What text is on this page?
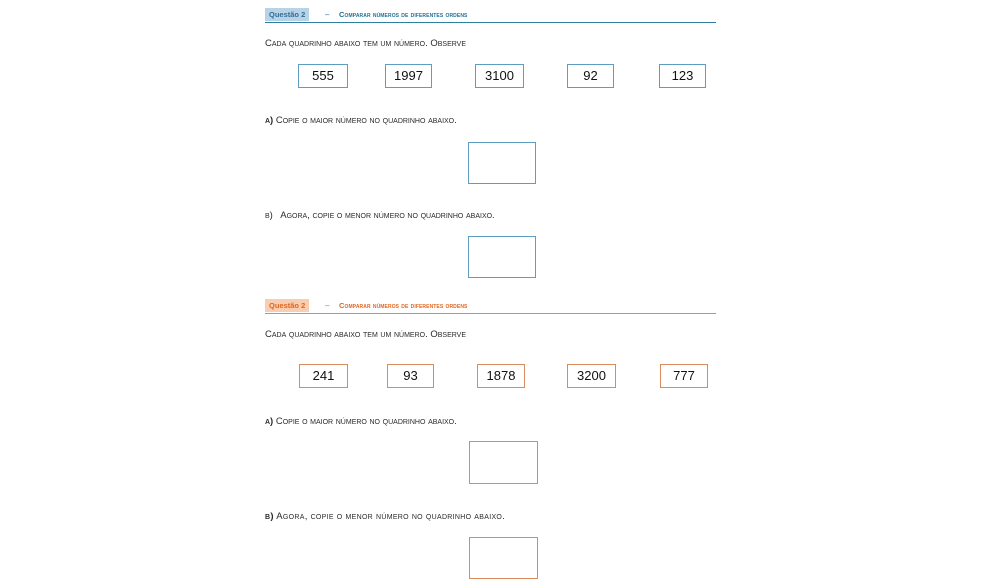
Questão 2	– Comparar números de diferentes ordens
Cada quadrinho abaixo tem um número. Observe
555	1997	3100	92	123
a) Copie o maior número no quadrinho abaixo.
b) Agora, copie o menor número no quadrinho abaixo.
Questão 2	– Comparar números de diferentes ordens
Cada quadrinho abaixo tem um número. Observe
241	93	1878	3200	777
a) Copie o maior número no quadrinho abaixo.
b) Agora, copie o menor número no quadrinho abaixo.
